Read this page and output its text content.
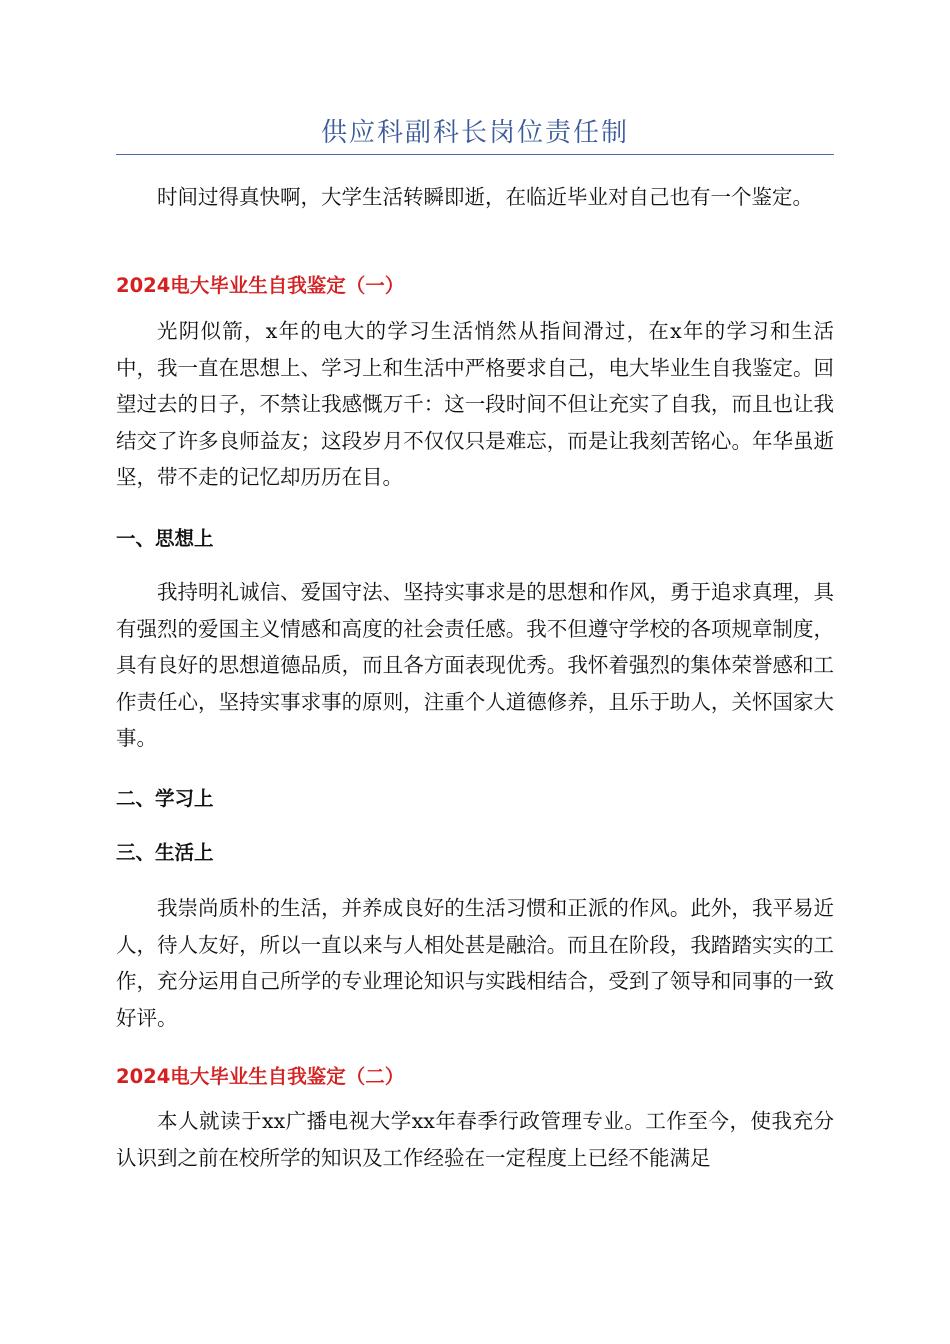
供应科副科长岗位责任制

时间过得真快啊，大学生活转瞬即逝，在临近毕业对自己也有一个鉴定。

2024电大毕业生自我鉴定（一）

光阴似箭，x年的电大的学习生活悄然从指间滑过，在x年的学习和生活中，我一直在思想上、学习上和生活中严格要求自己，电大毕业生自我鉴定。回望过去的日子，不禁让我感慨万千：这一段时间不但让充实了自我，而且也让我结交了许多良师益友；这段岁月不仅仅只是难忘，而是让我刻苦铭心。年华虽逝坚，带不走的记忆却历历在目。

一、思想上

我持明礼诚信、爱国守法、坚持实事求是的思想和作风，勇于追求真理，具有强烈的爱国主义情感和高度的社会责任感。我不但遵守学校的各项规章制度，具有良好的思想道德品质，而且各方面表现优秀。我怀着强烈的集体荣誉感和工作责任心，坚持实事求事的原则，注重个人道德修养，且乐于助人，关怀国家大事。

二、学习上
三、生活上

我崇尚质朴的生活，并养成良好的生活习惯和正派的作风。此外，我平易近人，待人友好，所以一直以来与人相处甚是融洽。而且在阶段，我踏踏实实的工作，充分运用自己所学的专业理论知识与实践相结合，受到了领导和同事的一致好评。

2024电大毕业生自我鉴定（二）

本人就读于xx广播电视大学xx年春季行政管理专业。工作至今，使我充分认识到之前在校所学的知识及工作经验在一定程度上已经不能满足
